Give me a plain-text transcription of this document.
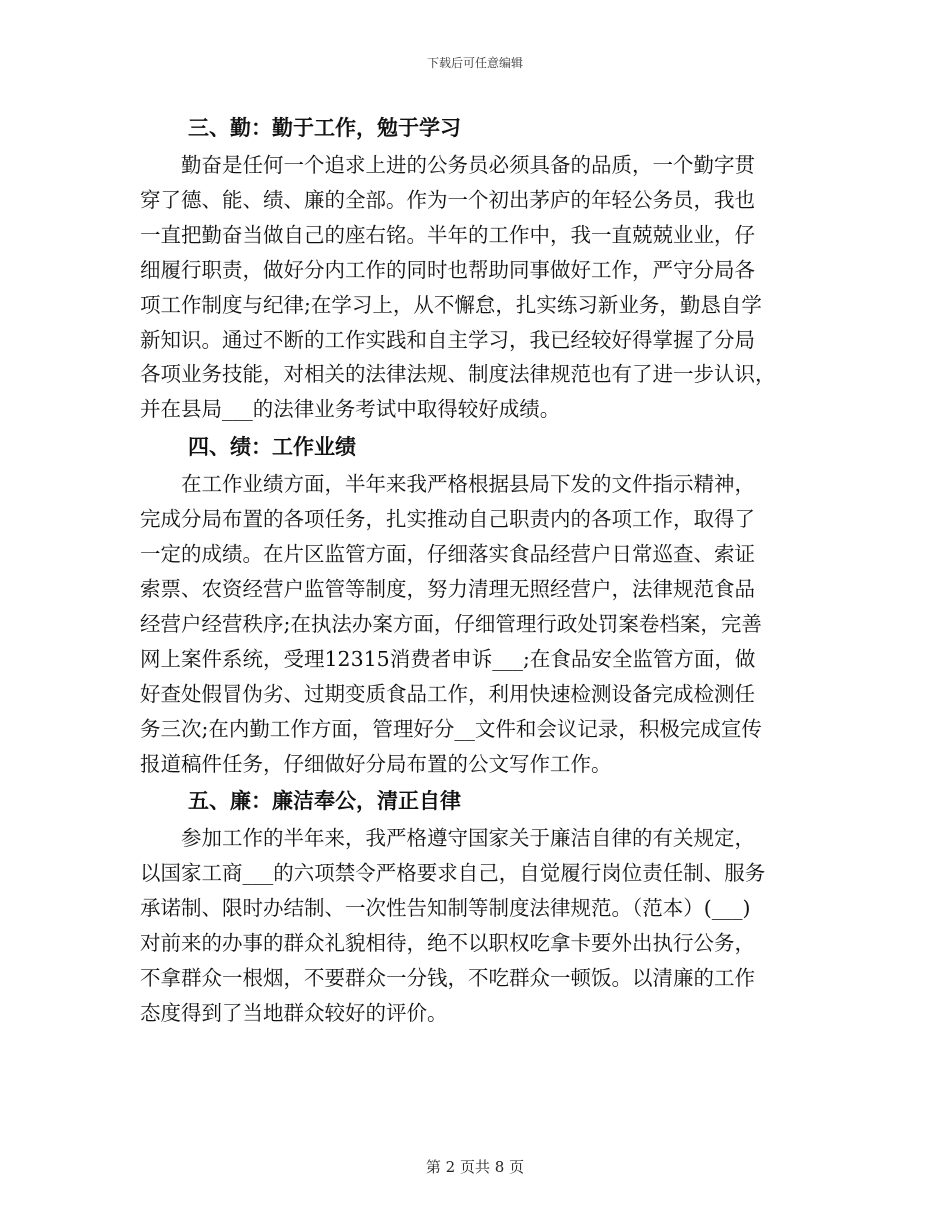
下载后可任意编辑
三、勤：勤于工作，勉于学习
勤奋是任何一个追求上进的公务员必须具备的品质，一个勤字贯
穿了德、能、绩、廉的全部。作为一个初出茅庐的年轻公务员，我也
一直把勤奋当做自己的座右铭。半年的工作中，我一直兢兢业业，仔
细履行职责，做好分内工作的同时也帮助同事做好工作，严守分局各
项工作制度与纪律;在学习上，从不懈怠，扎实练习新业务，勤恳自学
新知识。通过不断的工作实践和自主学习，我已经较好得掌握了分局
各项业务技能，对相关的法律法规、制度法律规范也有了进一步认识，
并在县局___的法律业务考试中取得较好成绩。
四、绩：工作业绩
在工作业绩方面，半年来我严格根据县局下发的文件指示精神，
完成分局布置的各项任务，扎实推动自己职责内的各项工作，取得了
一定的成绩。在片区监管方面，仔细落实食品经营户日常巡查、索证
索票、农资经营户监管等制度，努力清理无照经营户，法律规范食品
经营户经营秩序;在执法办案方面，仔细管理行政处罚案卷档案，完善
网上案件系统，受理12315消费者申诉___;在食品安全监管方面，做
好查处假冒伪劣、过期变质食品工作，利用快速检测设备完成检测任
务三次;在内勤工作方面，管理好分__文件和会议记录，积极完成宣传
报道稿件任务，仔细做好分局布置的公文写作工作。
五、廉：廉洁奉公，清正自律
参加工作的半年来，我严格遵守国家关于廉洁自律的有关规定，
以国家工商___的六项禁令严格要求自己，自觉履行岗位责任制、服务
承诺制、限时办结制、一次性告知制等制度法律规范。（范本）(___)
对前来的办事的群众礼貌相待，绝不以职权吃拿卡要外出执行公务，
不拿群众一根烟，不要群众一分钱，不吃群众一顿饭。以清廉的工作
态度得到了当地群众较好的评价。
第 2 页共 8 页
